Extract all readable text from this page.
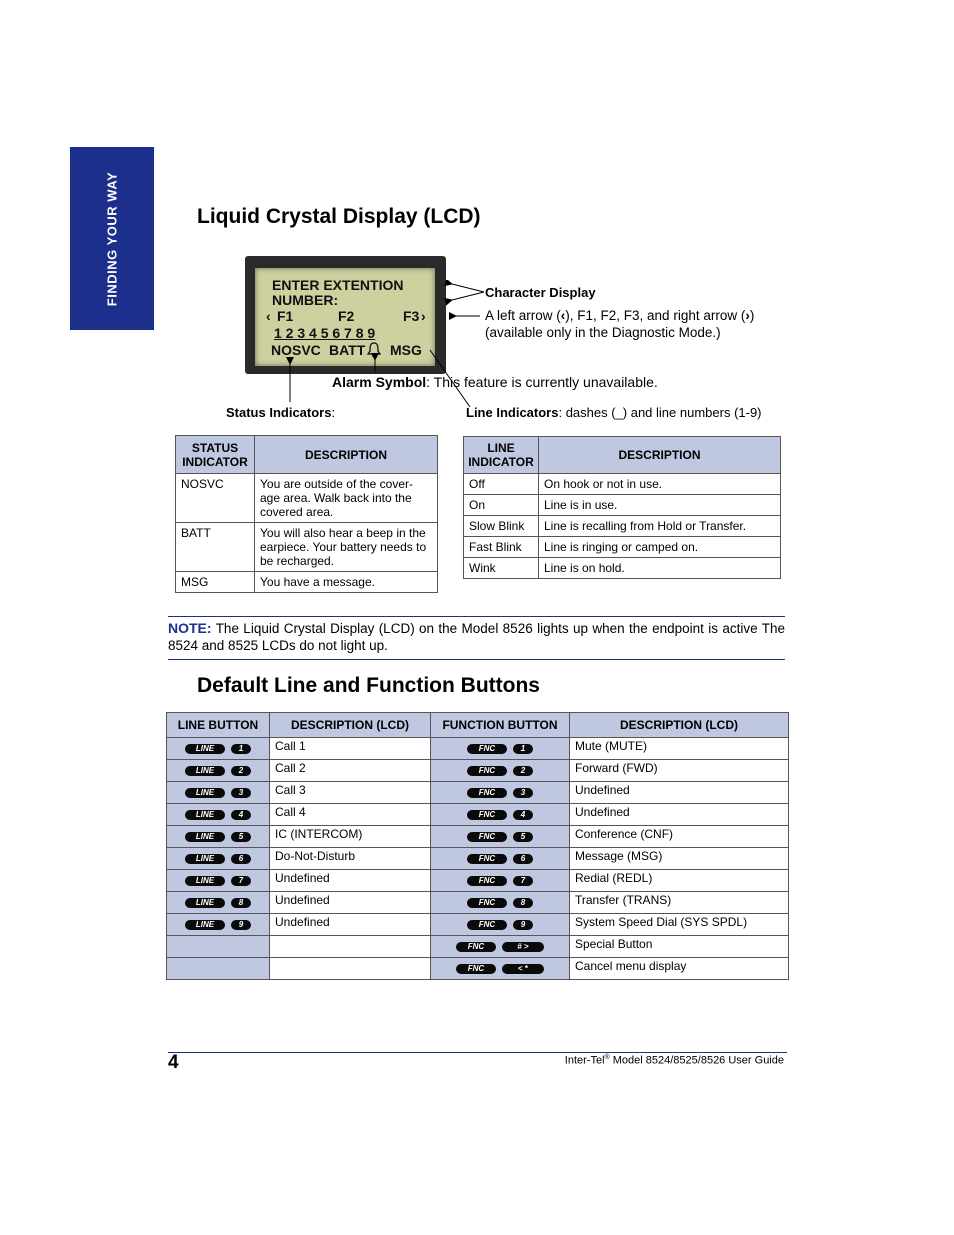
FINDING YOUR WAY	Liquid Crystal Display (LCD)
ENTER EXTENTION
NUMBER:
‹ F1	F2	F3 ›
1 2 3 4 5 6 7 8 9
NOSVC BATT MSG
Character Display
A left arrow (‹), F1, F2, F3, and right arrow (›)
(available only in the Diagnostic Mode.)
Alarm Symbol: This feature is currently unavailable.
Status Indicators:	Line Indicators: dashes (_) and line numbers (1-9)
STATUS INDICATOR	DESCRIPTION
NOSVC	You are outside of the cover-age area. Walk back into the covered area.
BATT	You will also hear a beep in the earpiece. Your battery needs to be recharged.
MSG	You have a message.
LINE INDICATOR	DESCRIPTION
Off	On hook or not in use.
On	Line is in use.
Slow Blink	Line is recalling from Hold or Transfer.
Fast Blink	Line is ringing or camped on.
Wink	Line is on hold.
NOTE: The Liquid Crystal Display (LCD) on the Model 8526 lights up when the endpoint is active The 8524 and 8525 LCDs do not light up.
Default Line and Function Buttons
LINE BUTTON	DESCRIPTION (LCD)	FUNCTION BUTTON	DESCRIPTION (LCD)
LINE 1	Call 1	FNC 1	Mute (MUTE)
LINE 2	Call 2	FNC 2	Forward (FWD)
LINE 3	Call 3	FNC 3	Undefined
LINE 4	Call 4	FNC 4	Undefined
LINE 5	IC (INTERCOM)	FNC 5	Conference (CNF)
LINE 6	Do-Not-Disturb	FNC 6	Message (MSG)
LINE 7	Undefined	FNC 7	Redial (REDL)
LINE 8	Undefined	FNC 8	Transfer (TRANS)
LINE 9	Undefined	FNC 9	System Speed Dial (SYS SPDL)
		FNC # >	Special Button
		FNC < *	Cancel menu display
4	Inter-Tel® Model 8524/8525/8526 User Guide
